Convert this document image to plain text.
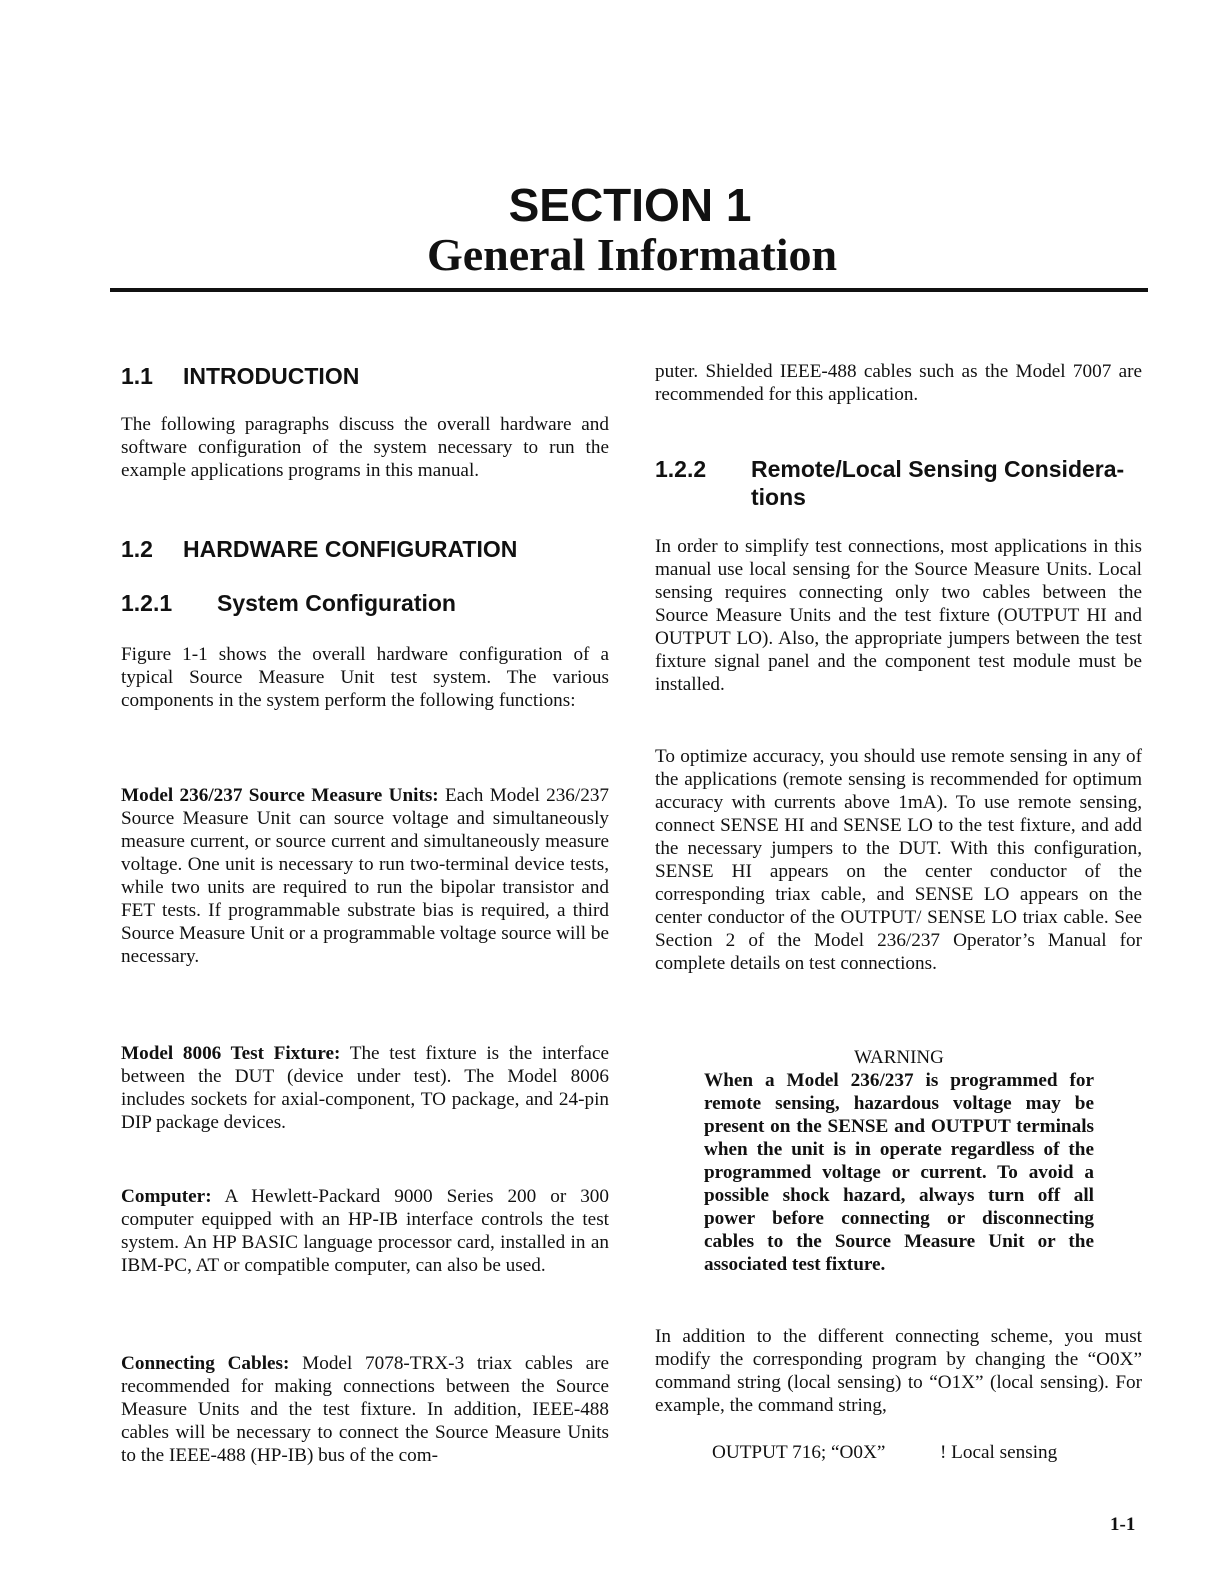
SECTION 1
General Information
1.1 INTRODUCTION
The following paragraphs discuss the overall hardware and software configuration of the system necessary to run the example applications programs in this manual.
1.2 HARDWARE CONFIGURATION
1.2.1 System Configuration
Figure 1-1 shows the overall hardware configuration of a typical Source Measure Unit test system. The various components in the system perform the following functions:
Model 236/237 Source Measure Units: Each Model 236/237 Source Measure Unit can source voltage and simultaneously measure current, or source current and simultaneously measure voltage. One unit is necessary to run two-terminal device tests, while two units are required to run the bipolar transistor and FET tests. If programmable substrate bias is required, a third Source Measure Unit or a programmable voltage source will be necessary.
Model 8006 Test Fixture: The test fixture is the interface between the DUT (device under test). The Model 8006 includes sockets for axial-component, TO package, and 24-pin DIP package devices.
Computer: A Hewlett-Packard 9000 Series 200 or 300 computer equipped with an HP-IB interface controls the test system. An HP BASIC language processor card, installed in an IBM-PC, AT or compatible computer, can also be used.
Connecting Cables: Model 7078-TRX-3 triax cables are recommended for making connections between the Source Measure Units and the test fixture. In addition, IEEE-488 cables will be necessary to connect the Source Measure Units to the IEEE-488 (HP-IB) bus of the com-
puter. Shielded IEEE-488 cables such as the Model 7007 are recommended for this application.
1.2.2	Remote/Local Sensing Considera-tions
In order to simplify test connections, most applications in this manual use local sensing for the Source Measure Units. Local sensing requires connecting only two cables between the Source Measure Units and the test fixture (OUTPUT HI and OUTPUT LO). Also, the appropriate jumpers between the test fixture signal panel and the component test module must be installed.
To optimize accuracy, you should use remote sensing in any of the applications (remote sensing is recommended for optimum accuracy with currents above 1mA). To use remote sensing, connect SENSE HI and SENSE LO to the test fixture, and add the necessary jumpers to the DUT. With this configuration, SENSE HI appears on the center conductor of the corresponding triax cable, and SENSE LO appears on the center conductor of the OUTPUT/ SENSE LO triax cable. See Section 2 of the Model 236/237 Operator’s Manual for complete details on test connections.
WARNING
When a Model 236/237 is programmed for remote sensing, hazardous voltage may be present on the SENSE and OUTPUT terminals when the unit is in operate regardless of the programmed voltage or current. To avoid a possible shock hazard, always turn off all power before connecting or disconnecting cables to the Source Measure Unit or the associated test fixture.
In addition to the different connecting scheme, you must modify the corresponding program by changing the “O0X” command string (local sensing) to “O1X” (local sensing). For example, the command string,
OUTPUT 716; “O0X”	! Local sensing
1-1
